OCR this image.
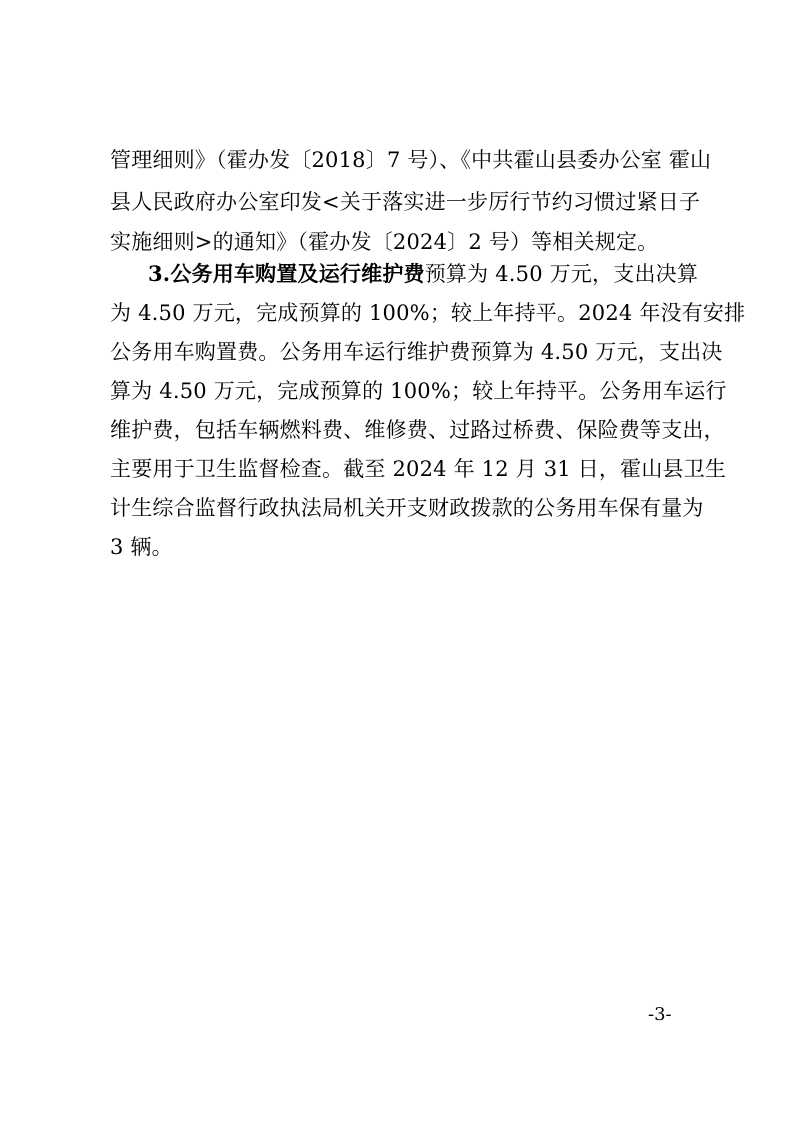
管理细则》（霍办发〔2018〕7 号）、《中共霍山县委办公室 霍山
县人民政府办公室印发<关于落实进一步厉行节约习惯过紧日子
实施细则>的通知》（霍办发〔2024〕2 号）等相关规定。
3.公务用车购置及运行维护费预算为 4.50 万元，支出决算
为 4.50 万元，完成预算的 100%；较上年持平。2024 年没有安排
公务用车购置费。公务用车运行维护费预算为 4.50 万元，支出决
算为 4.50 万元，完成预算的 100%；较上年持平。公务用车运行
维护费，包括车辆燃料费、维修费、过路过桥费、保险费等支出，
主要用于卫生监督检查。截至 2024 年 12 月 31 日，霍山县卫生
计生综合监督行政执法局机关开支财政拨款的公务用车保有量为
3 辆。
-3-
